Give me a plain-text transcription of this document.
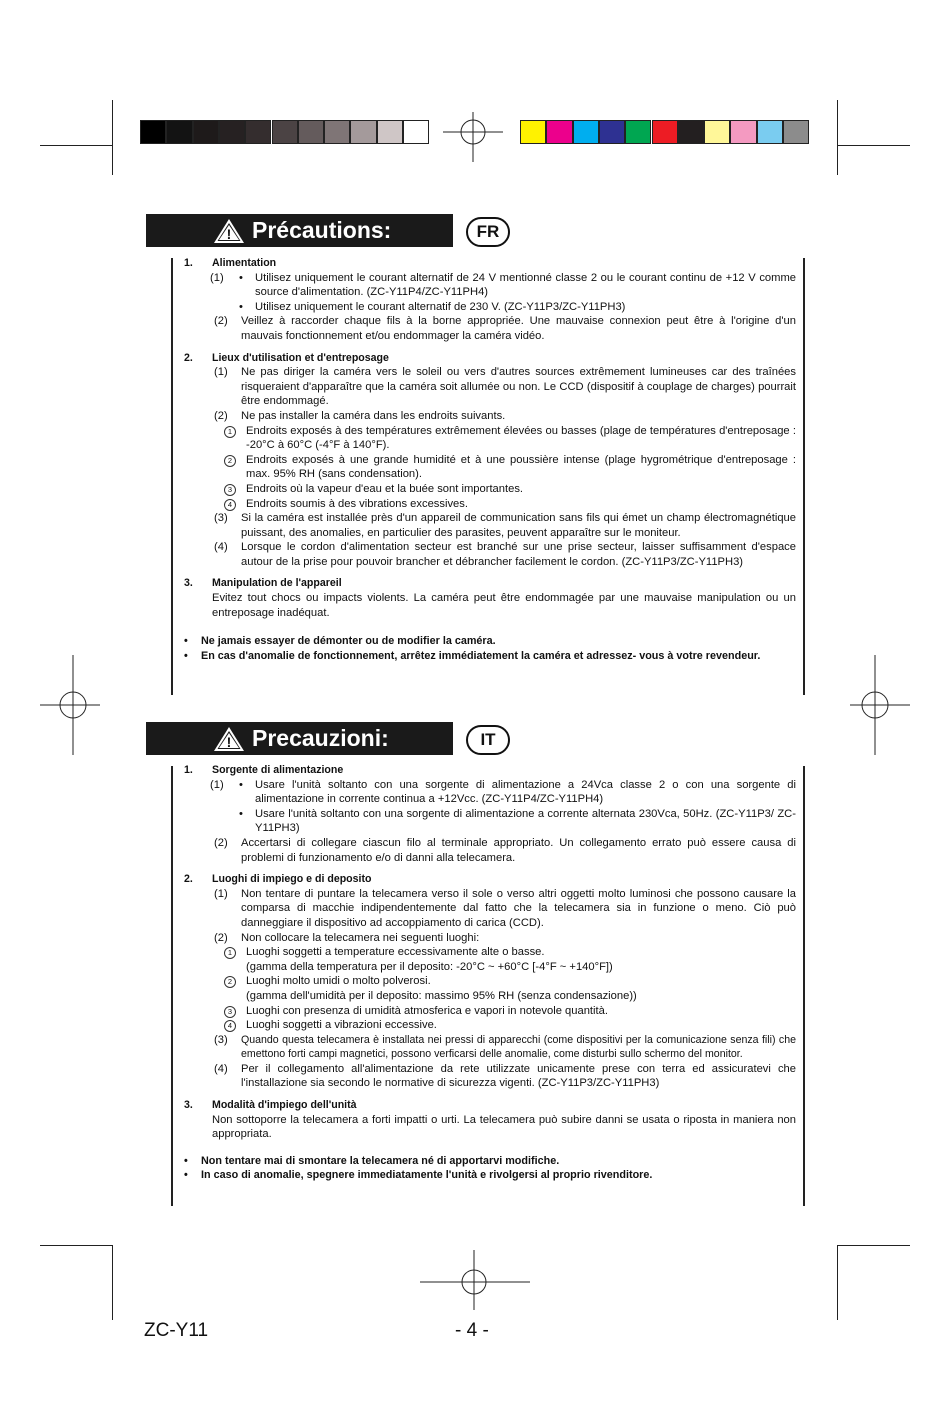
! Précautions:	FR
1.	Alimentation
(1)	•	Utilisez uniquement le courant alternatif de 24 V mentionné classe 2 ou le courant continu de +12 V comme source d'alimentation. (ZC-Y11P4/ZC-Y11PH4)
•	Utilisez uniquement le courant alternatif de 230 V. (ZC-Y11P3/ZC-Y11PH3)
(2)	Veillez à raccorder chaque fils à la borne appropriée. Une mauvaise connexion peut être à l'origine d'un mauvais fonctionnement et/ou endommager la caméra vidéo.
2.	Lieux d'utilisation et d'entreposage
(1)	Ne pas diriger la caméra vers le soleil ou vers d'autres sources extrêmement lumineuses car des traînées risqueraient d'apparaître que la caméra soit allumée ou non. Le CCD (dispositif à couplage de charges) pourrait être endommagé.
(2)	Ne pas installer la caméra dans les endroits suivants.
1	Endroits exposés à des températures extrêmement élevées ou basses (plage de températures d'entreposage : -20°C à 60°C (-4°F à 140°F).
2	Endroits exposés à une grande humidité et à une poussière intense (plage hygrométrique d'entreposage : max. 95% RH (sans condensation).
3	Endroits où la vapeur d'eau et la buée sont importantes.
4	Endroits soumis à des vibrations excessives.
(3)	Si la caméra est installée près d'un appareil de communication sans fils qui émet un champ électromagnétique puissant, des anomalies, en particulier des parasites, peuvent apparaître sur le moniteur.
(4)	Lorsque le cordon d'alimentation secteur est branché sur une prise secteur, laisser suffisamment d'espace autour de la prise pour pouvoir brancher et débrancher facilement le cordon. (ZC-Y11P3/ZC-Y11PH3)
3.	Manipulation de l'appareil
Evitez tout chocs ou impacts violents. La caméra peut être endommagée par une mauvaise manipulation ou un entreposage inadéquat.
•	Ne jamais essayer de démonter ou de modifier la caméra.
•	En cas d'anomalie de fonctionnement, arrêtez immédiatement la caméra et adressez- vous à votre revendeur.
! Precauzioni:	IT
1.	Sorgente di alimentazione
(1)	•	Usare l'unità soltanto con una sorgente di alimentazione a 24Vca classe 2 o con una sorgente di alimentazione in corrente continua a +12Vcc. (ZC-Y11P4/ZC-Y11PH4)
•	Usare l'unità soltanto con una sorgente di alimentazione a corrente alternata 230Vca, 50Hz. (ZC-Y11P3/ ZC-Y11PH3)
(2)	Accertarsi di collegare ciascun filo al terminale appropriato. Un collegamento errato può essere causa di problemi di funzionamento e/o di danni alla telecamera.
2.	Luoghi di impiego e di deposito
(1)	Non tentare di puntare la telecamera verso il sole o verso altri oggetti molto luminosi che possono causare la comparsa di macchie indipendentemente dal fatto che la telecamera sia in funzione o meno. Ciò può danneggiare il dispositivo ad accoppiamento di carica (CCD).
(2)	Non collocare la telecamera nei seguenti luoghi:
1	Luoghi soggetti a temperature eccessivamente alte o basse.
(gamma della temperatura per il deposito: -20°C ~ +60°C [-4°F ~ +140°F])
2	Luoghi molto umidi o molto polverosi.
(gamma dell'umidità per il deposito: massimo 95% RH (senza condensazione))
3	Luoghi con presenza di umidità atmosferica e vapori in notevole quantità.
4	Luoghi soggetti a vibrazioni eccessive.
(3)	Quando questa telecamera è installata nei pressi di apparecchi (come dispositivi per la comunicazione senza fili) che emettono forti campi magnetici, possono verficarsi delle anomalie, come disturbi sullo schermo del monitor.
(4)	Per il collegamento all'alimentazione da rete utilizzate unicamente prese con terra ed assicuratevi che l'installazione sia secondo le normative di sicurezza vigenti. (ZC-Y11P3/ZC-Y11PH3)
3.	Modalità d'impiego dell'unità
Non sottoporre la telecamera a forti impatti o urti. La telecamera può subire danni se usata o riposta in maniera non appropriata.
•	Non tentare mai di smontare la telecamera né di apportarvi modifiche.
•	In caso di anomalie, spegnere immediatamente l'unità e rivolgersi al proprio rivenditore.
ZC-Y11	- 4 -
